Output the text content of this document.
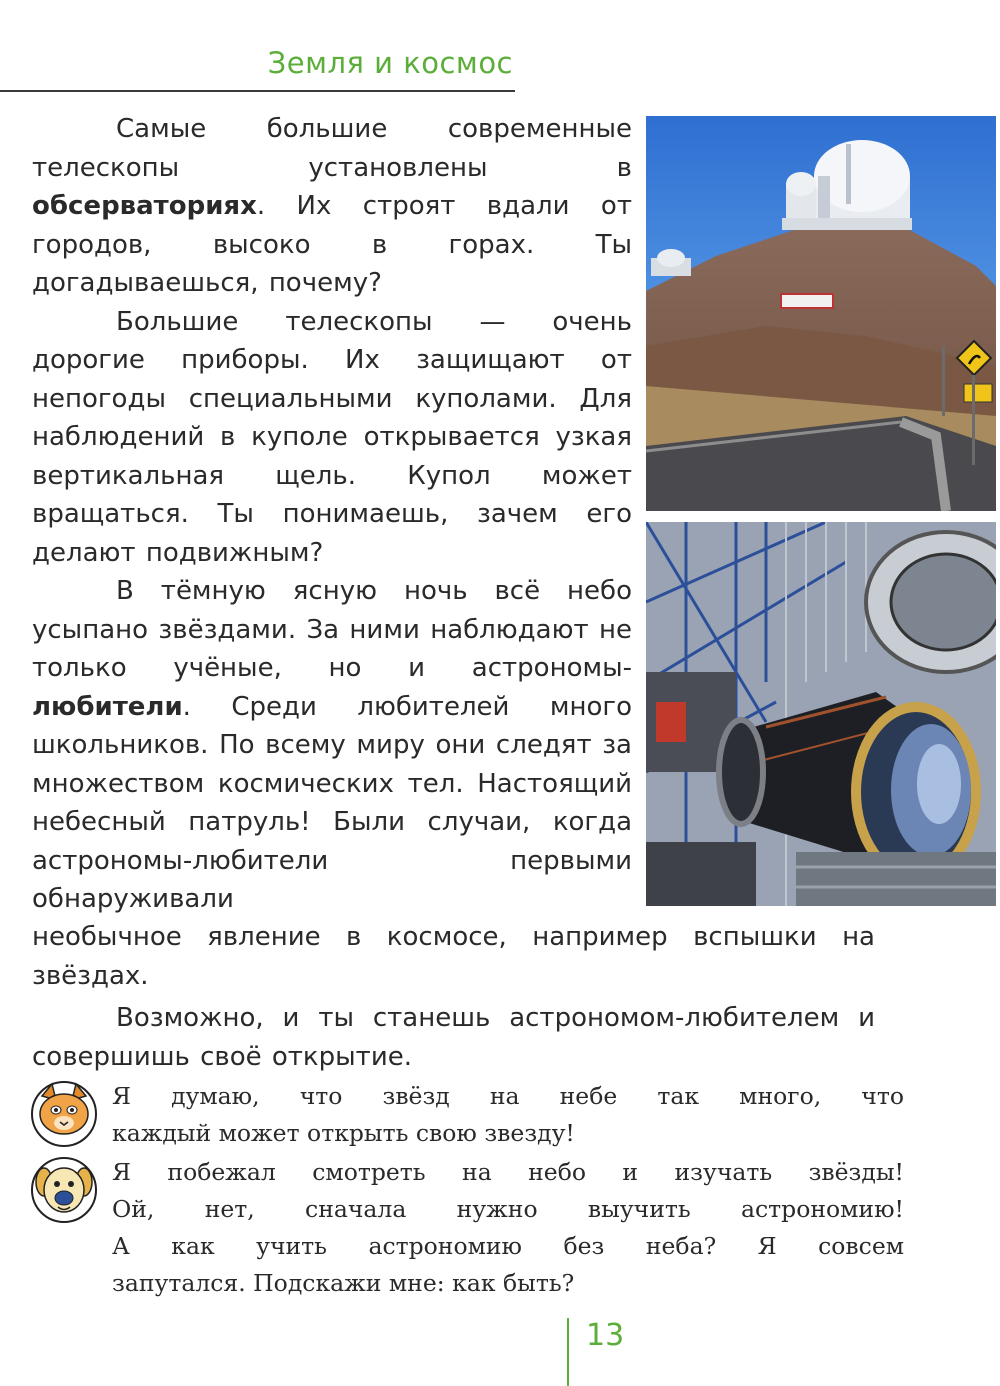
Земля и космос

Самые большие современные телескопы установлены в обсерваториях. Их строят вдали от городов, высоко в горах. Ты догадываешься, почему?

Большие телескопы — очень дорогие приборы. Их защищают от непогоды специальными куполами. Для наблюдений в куполе открывается узкая вертикальная щель. Купол может вращаться. Ты понимаешь, зачем его делают подвижным?

В тёмную ясную ночь всё небо усыпано звёздами. За ними наблюдают не только учёные, но и астрономы-любители. Среди любителей много школьников. По всему миру они следят за множеством космических тел. Настоящий небесный патруль! Были случаи, когда астрономы-любители первыми обнаруживали

необычное явление в космосе, например вспышки на звёздах.

Возможно, и ты станешь астрономом-любителем и совершишь своё открытие.

Я думаю, что звёзд на небе так много, что

каждый может открыть свою звезду!

Я побежал смотреть на небо и изучать звёзды!

Ой, нет, сначала нужно выучить астрономию!

А как учить астрономию без неба? Я совсем

запутался. Подскажи мне: как быть?

13
